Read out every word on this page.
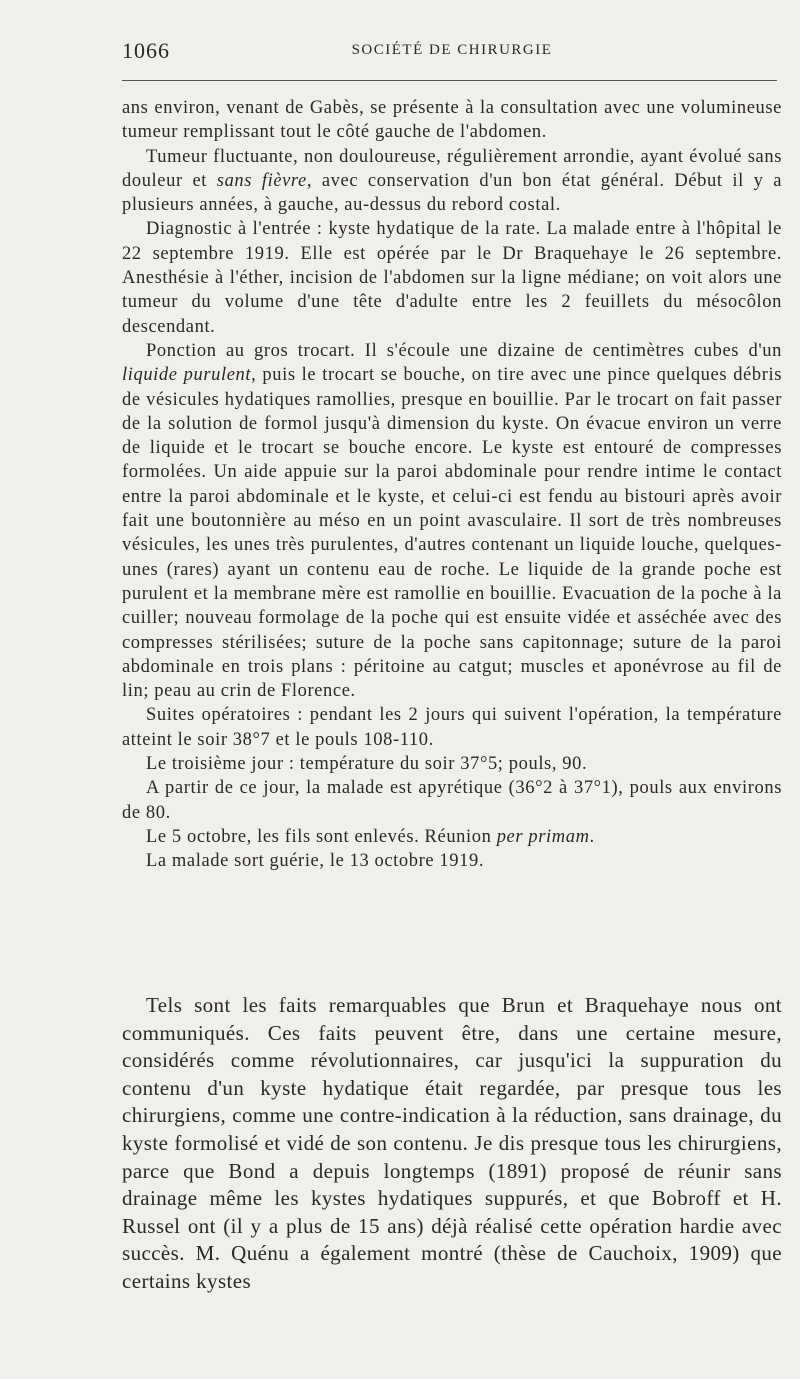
1066	SOCIÉTÉ DE CHIRURGIE

ans environ, venant de Gabès, se présente à la consultation avec une volumineuse tumeur remplissant tout le côté gauche de l'abdomen.

Tumeur fluctuante, non douloureuse, régulièrement arrondie, ayant évolué sans douleur et sans fièvre, avec conservation d'un bon état général. Début il y a plusieurs années, à gauche, au-dessus du rebord costal.

Diagnostic à l'entrée : kyste hydatique de la rate. La malade entre à l'hôpital le 22 septembre 1919. Elle est opérée par le Dr Braquehaye le 26 septembre. Anesthésie à l'éther, incision de l'abdomen sur la ligne médiane; on voit alors une tumeur du volume d'une tête d'adulte entre les 2 feuillets du mésocôlon descendant.

Ponction au gros trocart. Il s'écoule une dizaine de centimètres cubes d'un liquide purulent, puis le trocart se bouche, on tire avec une pince quelques débris de vésicules hydatiques ramollies, presque en bouillie. Par le trocart on fait passer de la solution de formol jusqu'à dimension du kyste. On évacue environ un verre de liquide et le trocart se bouche encore. Le kyste est entouré de compresses formolées. Un aide appuie sur la paroi abdominale pour rendre intime le contact entre la paroi abdominale et le kyste, et celui-ci est fendu au bistouri après avoir fait une boutonnière au méso en un point avasculaire. Il sort de très nombreuses vésicules, les unes très purulentes, d'autres contenant un liquide louche, quelques-unes (rares) ayant un contenu eau de roche. Le liquide de la grande poche est purulent et la membrane mère est ramollie en bouillie. Evacuation de la poche à la cuiller; nouveau formolage de la poche qui est ensuite vidée et asséchée avec des compresses stérilisées; suture de la poche sans capitonnage; suture de la paroi abdominale en trois plans : péritoine au catgut; muscles et aponévrose au fil de lin; peau au crin de Florence.

Suites opératoires : pendant les 2 jours qui suivent l'opération, la température atteint le soir 38°7 et le pouls 108-110.

Le troisième jour : température du soir 37°5; pouls, 90.

A partir de ce jour, la malade est apyrétique (36°2 à 37°1), pouls aux environs de 80.

Le 5 octobre, les fils sont enlevés. Réunion per primam.

La malade sort guérie, le 13 octobre 1919.

Tels sont les faits remarquables que Brun et Braquehaye nous ont communiqués. Ces faits peuvent être, dans une certaine mesure, considérés comme révolutionnaires, car jusqu'ici la suppuration du contenu d'un kyste hydatique était regardée, par presque tous les chirurgiens, comme une contre-indication à la réduction, sans drainage, du kyste formolisé et vidé de son contenu. Je dis presque tous les chirurgiens, parce que Bond a depuis longtemps (1891) proposé de réunir sans drainage même les kystes hydatiques suppurés, et que Bobroff et H. Russel ont (il y a plus de 15 ans) déjà réalisé cette opération hardie avec succès. M. Quénu a également montré (thèse de Cauchoix, 1909) que certains kystes
